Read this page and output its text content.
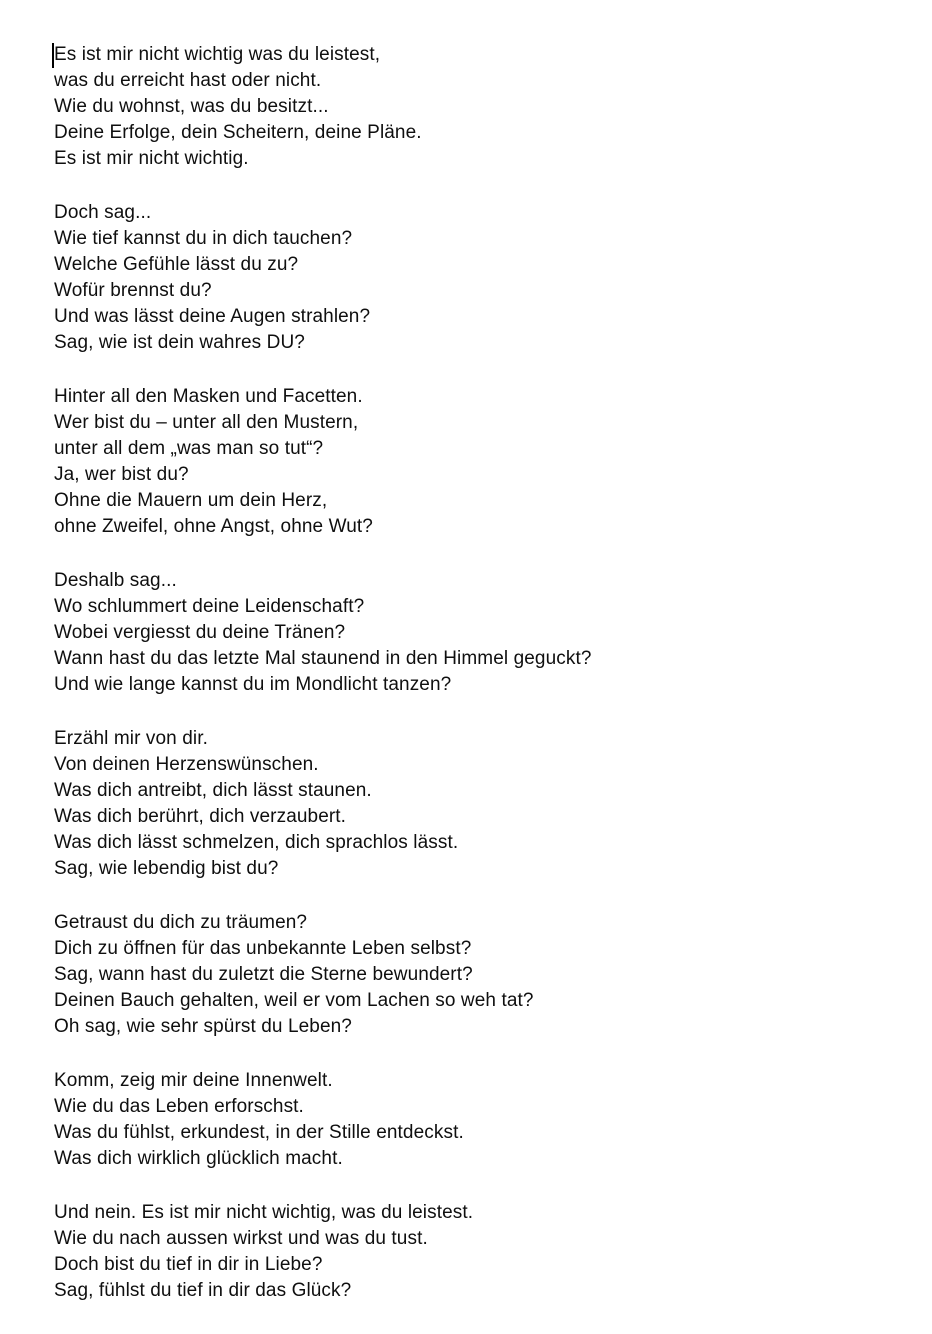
Es ist mir nicht wichtig was du leistest,
was du erreicht hast oder nicht.
Wie du wohnst, was du besitzt...
Deine Erfolge, dein Scheitern, deine Pläne.
Es ist mir nicht wichtig.
Doch sag...
Wie tief kannst du in dich tauchen?
Welche Gefühle lässt du zu?
Wofür brennst du?
Und was lässt deine Augen strahlen?
Sag, wie ist dein wahres DU?
Hinter all den Masken und Facetten.
Wer bist du – unter all den Mustern,
unter all dem „was man so tut“?
Ja, wer bist du?
Ohne die Mauern um dein Herz,
ohne Zweifel, ohne Angst, ohne Wut?
Deshalb sag...
Wo schlummert deine Leidenschaft?
Wobei vergiesst du deine Tränen?
Wann hast du das letzte Mal staunend in den Himmel geguckt?
Und wie lange kannst du im Mondlicht tanzen?
Erzähl mir von dir.
Von deinen Herzenswünschen.
Was dich antreibt, dich lässt staunen.
Was dich berührt, dich verzaubert.
Was dich lässt schmelzen, dich sprachlos lässt.
Sag, wie lebendig bist du?
Getraust du dich zu träumen?
Dich zu öffnen für das unbekannte Leben selbst?
Sag, wann hast du zuletzt die Sterne bewundert?
Deinen Bauch gehalten, weil er vom Lachen so weh tat?
Oh sag, wie sehr spürst du Leben?
Komm, zeig mir deine Innenwelt.
Wie du das Leben erforschst.
Was du fühlst, erkundest, in der Stille entdeckst.
Was dich wirklich glücklich macht.
Und nein. Es ist mir nicht wichtig, was du leistest.
Wie du nach aussen wirkst und was du tust.
Doch bist du tief in dir in Liebe?
Sag, fühlst du tief in dir das Glück?
